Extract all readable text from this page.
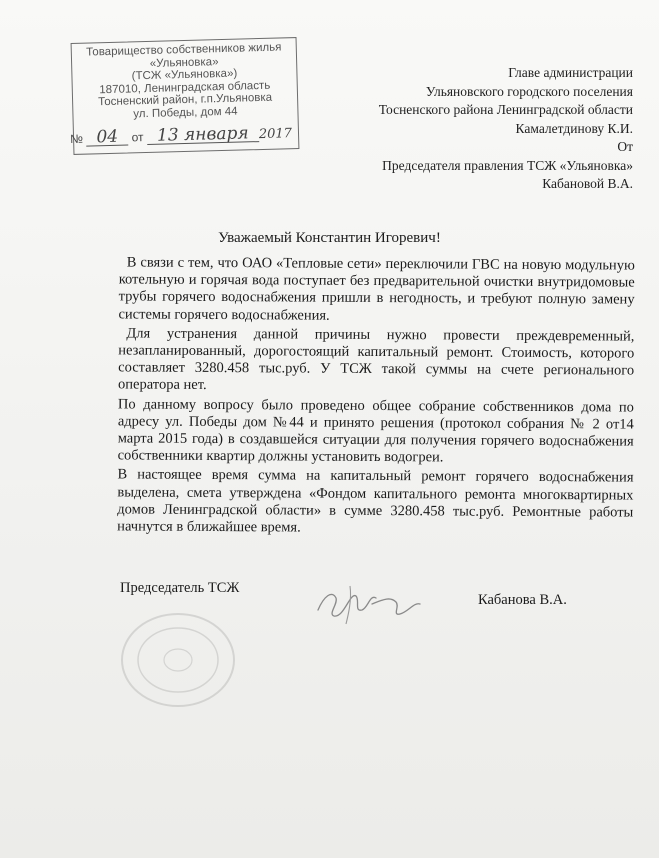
Товарищество собственников жилья
«Ульяновка»
(ТСЖ «Ульяновка»)
187010, Ленинградская область
Тосненский район, г.п.Ульяновка
ул. Победы, дом 44
№ 04 от 13 января 2017
Главе администрации
Ульяновского городского поселения
Тосненского района Ленинградской области
Камалетдинову К.И.
От
Председателя правления ТСЖ «Ульяновка»
Кабановой В.А.
Уважаемый Константин Игоревич!

В связи с тем, что ОАО «Тепловые сети» переключили ГВС на новую модульную котельную и горячая вода поступает без предварительной очистки внутридомовые трубы горячего водоснабжения пришли в негодность, и требуют полную замену системы горячего водоснабжения.

Для устранения данной причины нужно провести преждевременный, незапланированный, дорогостоящий капитальный ремонт. Стоимость, которого составляет 3280.458 тыс.руб. У ТСЖ такой суммы на счете регионального оператора нет.

По данному вопросу было проведено общее собрание собственников дома по адресу ул. Победы дом №44 и принято решения (протокол собрания № 2 от14 марта 2015 года) в создавшейся ситуации для получения горячего водоснабжения собственники квартир должны установить водогреи.

В настоящее время сумма на капитальный ремонт горячего водоснабжения выделена, смета утверждена «Фондом капитального ремонта многоквартирных домов Ленинградской области» в сумме 3280.458 тыс.руб. Ремонтные работы начнутся в ближайшее время.

Председатель ТСЖ
Кабанова В.А.
